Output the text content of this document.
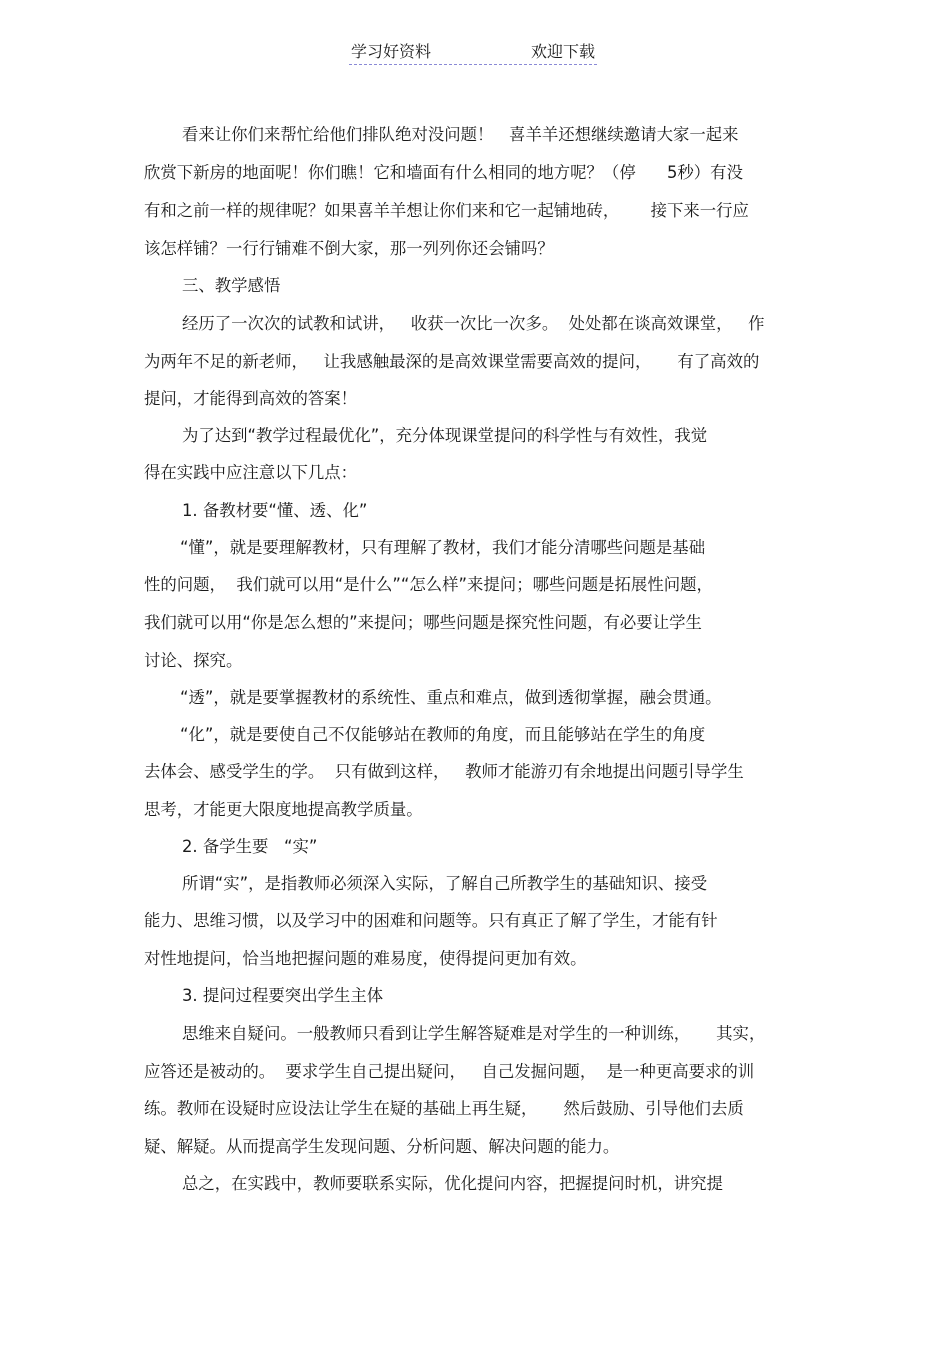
学习好资料	欢迎下载
看来让你们来帮忙给他们排队绝对没问题！   喜羊羊还想继续邀请大家一起来
欣赏下新房的地面呢！你们瞧！它和墙面有什么相同的地方呢？（停      5秒）有没
有和之前一样的规律呢？如果喜羊羊想让你们来和它一起铺地砖，      接下来一行应
该怎样铺？一行行铺难不倒大家，那一列列你还会铺吗？
三、教学感悟
经历了一次次的试教和试讲，   收获一次比一次多。  处处都在谈高效课堂，   作
为两年不足的新老师，   让我感触最深的是高效课堂需要高效的提问，     有了高效的
提问，才能得到高效的答案！
为了达到“教学过程最优化”，充分体现课堂提问的科学性与有效性，我觉
得在实践中应注意以下几点：
1. 备教材要“懂、透、化”
“懂”，就是要理解教材，只有理解了教材，我们才能分清哪些问题是基础
性的问题，  我们就可以用“是什么”“怎么样”来提问；哪些问题是拓展性问题，
我们就可以用“你是怎么想的”来提问；哪些问题是探究性问题，有必要让学生
讨论、探究。
“透”，就是要掌握教材的系统性、重点和难点，做到透彻掌握，融会贯通。
“化”，就是要使自己不仅能够站在教师的角度，而且能够站在学生的角度
去体会、感受学生的学。  只有做到这样，   教师才能游刃有余地提出问题引导学生
思考，才能更大限度地提高教学质量。
2. 备学生要   “实”
所谓“实”，是指教师必须深入实际，了解自己所教学生的基础知识、接受
能力、思维习惯，以及学习中的困难和问题等。只有真正了解了学生，才能有针
对性地提问，恰当地把握问题的难易度，使得提问更加有效。
3. 提问过程要突出学生主体
思维来自疑问。一般教师只看到让学生解答疑难是对学生的一种训练，     其实，
应答还是被动的。  要求学生自己提出疑问，   自己发掘问题，  是一种更高要求的训
练。教师在设疑时应设法让学生在疑的基础上再生疑，     然后鼓励、引导他们去质
疑、解疑。从而提高学生发现问题、分析问题、解决问题的能力。
总之，在实践中，教师要联系实际，优化提问内容，把握提问时机，讲究提
